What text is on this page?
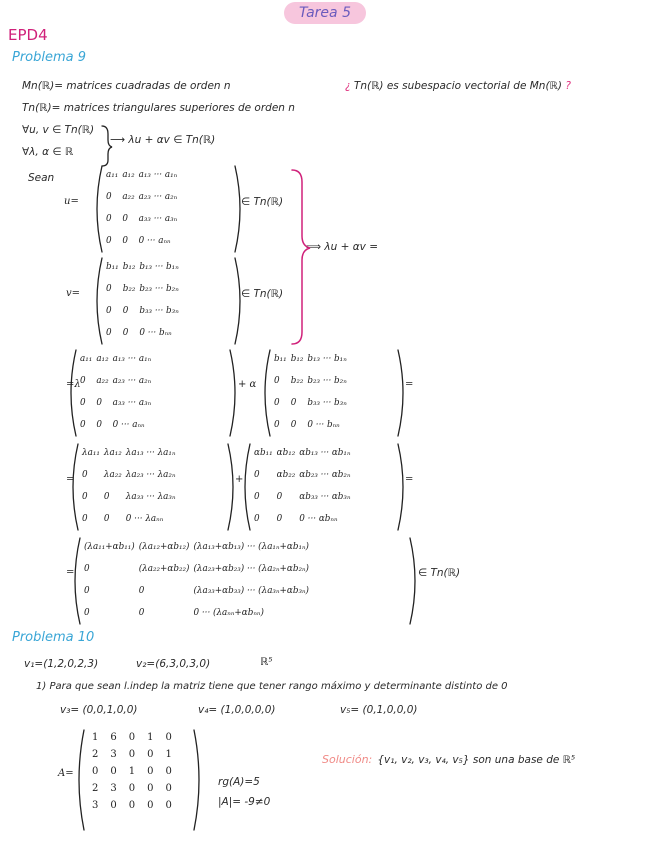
Tarea 5
EPD4
Problema 9
Mn(ℝ)= matrices cuadradas de orden n
Tn(ℝ)= matrices triangulares superiores de orden n
¿ Tn(ℝ) es subespacio vectorial de Mn(ℝ) ?
∀u, v ∈ Tn(ℝ)
∀λ, α ∈ ℝ
⟶ λu + αv ∈ Tn(ℝ)
Sean
u=
a₁₁	a₁₂	a₁₃ ··· a₁ₙ
0	a₂₂	a₂₃ ··· a₂ₙ
0	0	a₃₃ ··· a₃ₙ
0	0	0 ··· aₙₙ
∈ Tn(ℝ)
v=
b₁₁	b₁₂	b₁₃ ··· b₁ₙ
0	b₂₂	b₂₃ ··· b₂ₙ
0	0	b₃₃ ··· b₃ₙ
0	0	0 ··· bₙₙ
∈ Tn(ℝ)
⟹ λu + αv =
=λ
a₁₁	a₁₂	a₁₃ ··· a₁ₙ
0	a₂₂	a₂₃ ··· a₂ₙ
0	0	a₃₃ ··· a₃ₙ
0	0	0 ··· aₙₙ
+ α
b₁₁	b₁₂	b₁₃ ··· b₁ₙ
0	b₂₂	b₂₃ ··· b₂ₙ
0	0	b₃₃ ··· b₃ₙ
0	0	0 ··· bₙₙ
=
=
λa₁₁	λa₁₂	λa₁₃ ··· λa₁ₙ
0	λa₂₂	λa₂₃ ··· λa₂ₙ
0	0	λa₃₃ ··· λa₃ₙ
0	0	0 ··· λaₙₙ
+
αb₁₁	αb₁₂	αb₁₃ ··· αb₁ₙ
0	αb₂₂	αb₂₃ ··· αb₂ₙ
0	0	αb₃₃ ··· αb₃ₙ
0	0	0 ··· αbₙₙ
=
=
(λa₁₁+αb₁₁)	(λa₁₂+αb₁₂)	(λa₁₃+αb₁₃) ··· (λa₁ₙ+αb₁ₙ)
0	(λa₂₂+αb₂₂)	(λa₂₃+αb₂₃) ··· (λa₂ₙ+αb₂ₙ)
0	0	(λa₃₃+αb₃₃) ··· (λa₃ₙ+αb₃ₙ)
0	0	0 ··· (λaₙₙ+αbₙₙ)
∈ Tn(ℝ)
Problema 10
v₁=(1,2,0,2,3)	v₂=(6,3,0,3,0)	ℝ⁵
1) Para que sean l.indep la matriz tiene que tener rango máximo y determinante distinto de 0
v₃= (0,0,1,0,0)	v₄= (1,0,0,0,0)	v₅= (0,1,0,0,0)
A=
1	6	0	1	0
2	3	0	0	1
0	0	1	0	0
2	3	0	0	0
3	0	0	0	0
rg(A)=5
|A|= -9≠0
Solución: {v₁, v₂, v₃, v₄, v₅} son una base de ℝ⁵
